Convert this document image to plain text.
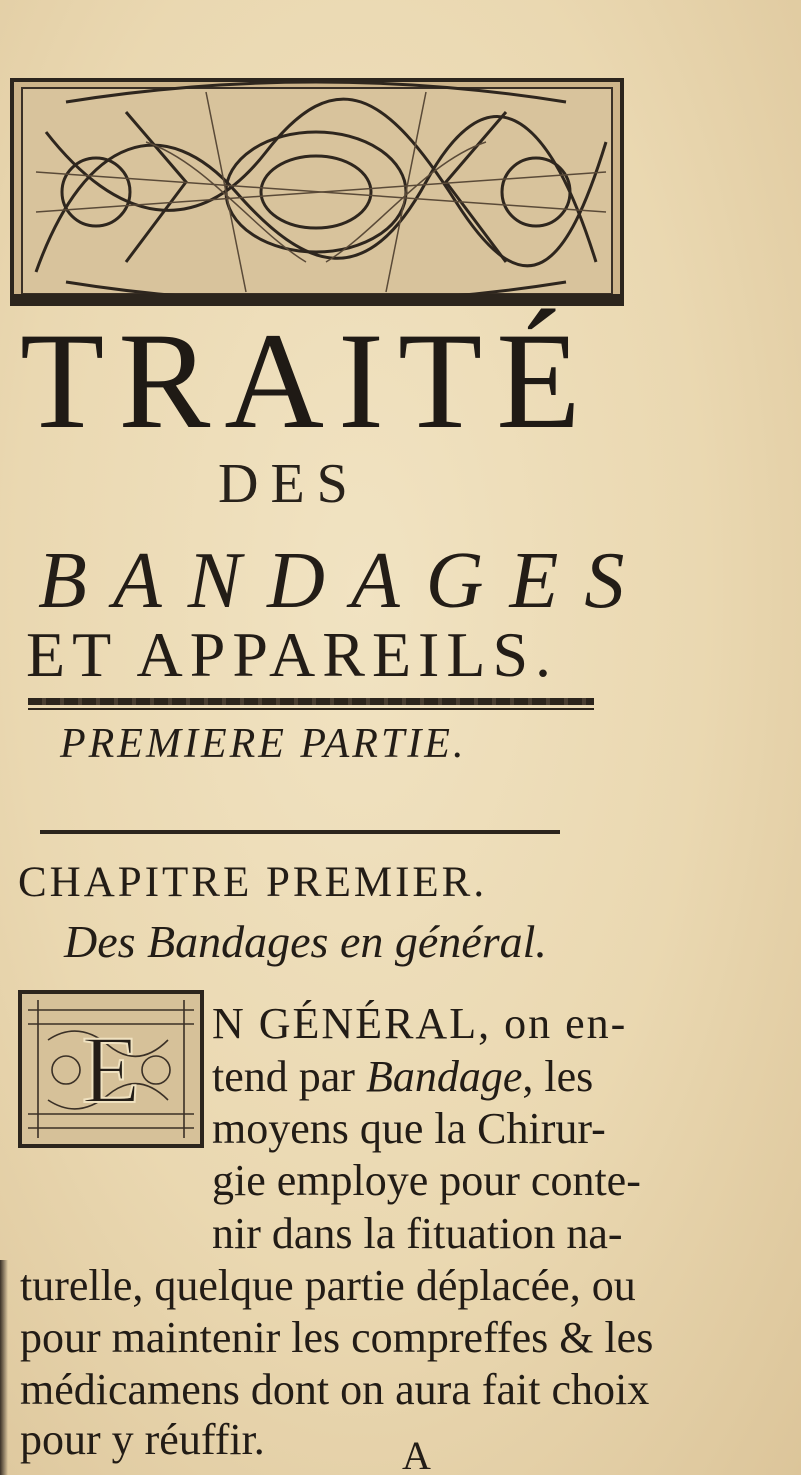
TRAITÉ
DES
BANDAGES
ET APPAREILS.
PREMIERE PARTIE.
CHAPITRE PREMIER.
Des Bandages en général.
E N GÉNÉRAL, on en-
tend par Bandage, les
moyens que la Chirur-
gie employe pour conte-
nir dans la fituation na-
turelle, quelque partie déplacée, ou
pour maintenir les compreffes & les
médicamens dont on aura fait choix
pour y réuffir.	A
